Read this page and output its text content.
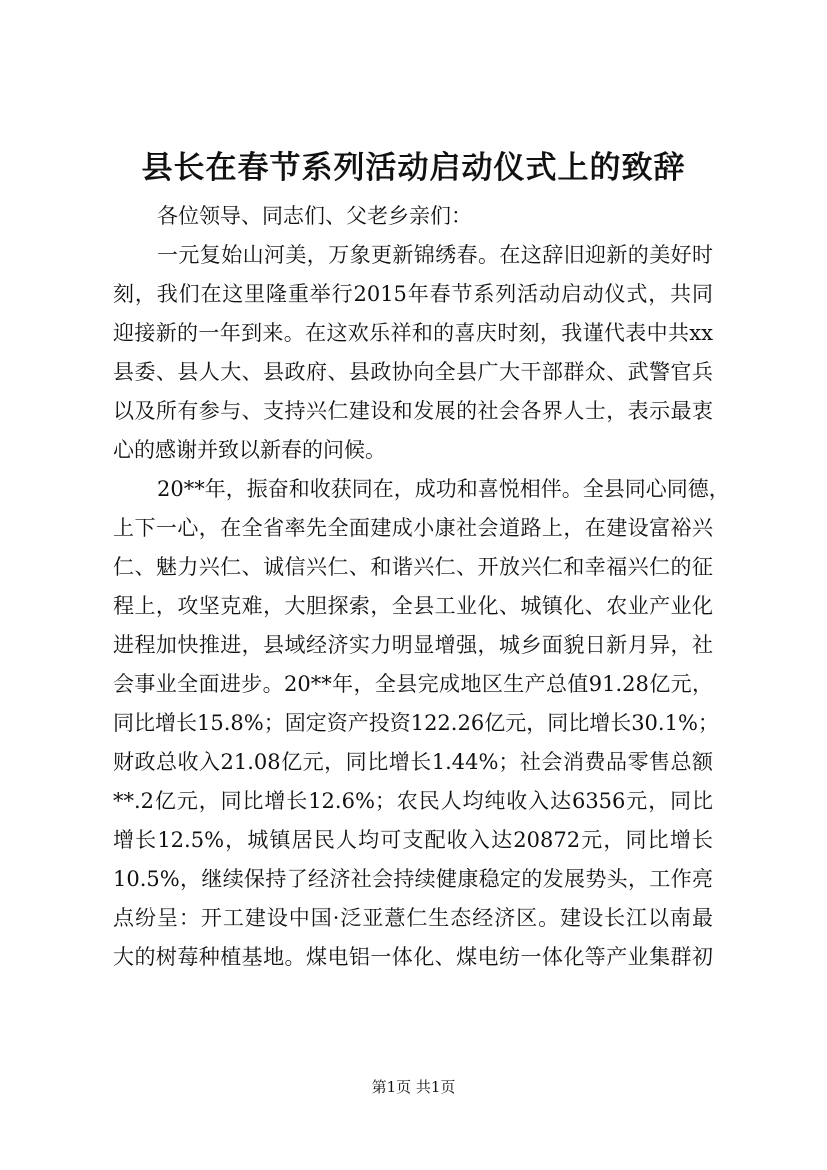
县长在春节系列活动启动仪式上的致辞
各位领导、同志们、父老乡亲们：
一元复始山河美，万象更新锦绣春。在这辞旧迎新的美好时
刻，我们在这里隆重举行2015年春节系列活动启动仪式，共同
迎接新的一年到来。在这欢乐祥和的喜庆时刻，我谨代表中共xx
县委、县人大、县政府、县政协向全县广大干部群众、武警官兵
以及所有参与、支持兴仁建设和发展的社会各界人士，表示最衷
心的感谢并致以新春的问候。
20**年，振奋和收获同在，成功和喜悦相伴。全县同心同德，
上下一心，在全省率先全面建成小康社会道路上，在建设富裕兴
仁、魅力兴仁、诚信兴仁、和谐兴仁、开放兴仁和幸福兴仁的征
程上，攻坚克难，大胆探索，全县工业化、城镇化、农业产业化
进程加快推进，县域经济实力明显增强，城乡面貌日新月异，社
会事业全面进步。20**年，全县完成地区生产总值91.28亿元，
同比增长15.8%；固定资产投资122.26亿元，同比增长30.1%；
财政总收入21.08亿元，同比增长1.44%；社会消费品零售总额
**.2亿元，同比增长12.6%；农民人均纯收入达6356元，同比
增长12.5%，城镇居民人均可支配收入达20872元，同比增长
10.5%，继续保持了经济社会持续健康稳定的发展势头，工作亮
点纷呈：开工建设中国·泛亚薏仁生态经济区。建设长江以南最
大的树莓种植基地。煤电铝一体化、煤电纺一体化等产业集群初
第1页 共1页
